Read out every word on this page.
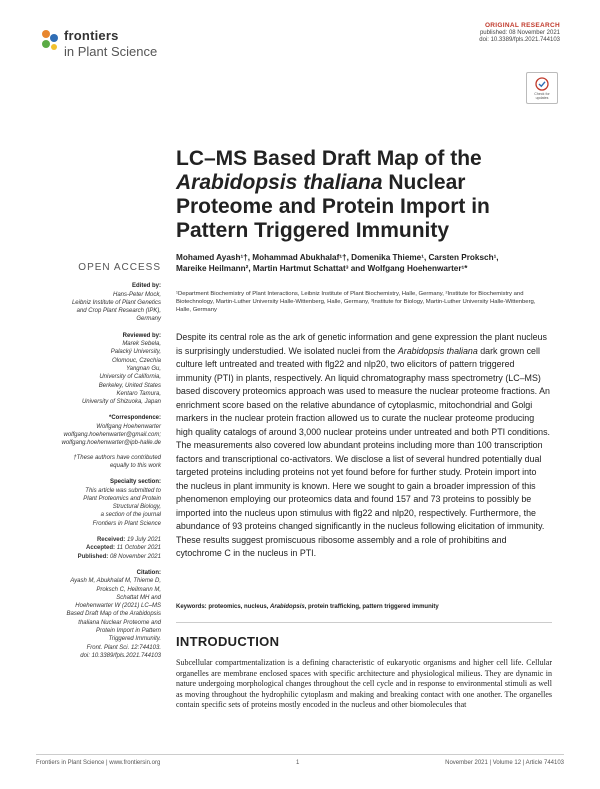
frontiers
in Plant Science
ORIGINAL RESEARCH
published: 08 November 2021
doi: 10.3389/fpls.2021.744103
Check for
updates
LC–MS Based Draft Map of the
Arabidopsis thaliana Nuclear
Proteome and Protein Import in
Pattern Triggered Immunity
OPEN ACCESS
Edited by:
Hans-Peter Mock,
Leibniz Institute of Plant Genetics
and Crop Plant Research (IPK),
Germany
Reviewed by:
Marek Sebela,
Palacký University,
Olomouc, Czechia
Yangnan Gu,
University of California,
Berkeley, United States
Kentaro Tamura,
University of Shizuoka, Japan
*Correspondence:
Wolfgang Hoehenwarter
wolfgang.hoehenwarter@gmail.com;
wolfgang.hoehenwarter@ipb-halle.de
†These authors have contributed
equally to this work
Specialty section:
This article was submitted to
Plant Proteomics and Protein
Structural Biology,
a section of the journal
Frontiers in Plant Science
Received: 19 July 2021
Accepted: 11 October 2021
Published: 08 November 2021
Citation:
Ayash M, Abukhalaf M, Thieme D,
Proksch C, Heilmann M,
Schattat MH and
Hoehenwarter W (2021) LC–MS
Based Draft Map of the Arabidopsis
thaliana Nuclear Proteome and
Protein Import in Pattern
Triggered Immunity.
Front. Plant Sci. 12:744103.
doi: 10.3389/fpls.2021.744103
Mohamed Ayash¹†, Mohammad Abukhalaf¹†, Domenika Thieme¹, Carsten Proksch¹,
Mareike Heilmann², Martin Hartmut Schattat³ and Wolfgang Hoehenwarter¹*
¹Department Biochemistry of Plant Interactions, Leibniz Institute of Plant Biochemistry, Halle, Germany, ²Institute for Biochemistry and Biotechnology, Martin-Luther University Halle-Wittenberg, Halle, Germany, ³Institute for Biology, Martin-Luther University Halle-Wittenberg, Halle, Germany
Despite its central role as the ark of genetic information and gene expression the plant nucleus is surprisingly understudied. We isolated nuclei from the Arabidopsis thaliana dark grown cell culture left untreated and treated with flg22 and nlp20, two elicitors of pattern triggered immunity (PTI) in plants, respectively. An liquid chromatography mass spectrometry (LC–MS) based discovery proteomics approach was used to measure the nuclear proteome fractions. An enrichment score based on the relative abundance of cytoplasmic, mitochondrial and Golgi markers in the nuclear protein fraction allowed us to curate the nuclear proteome producing high quality catalogs of around 3,000 nuclear proteins under untreated and both PTI conditions. The measurements also covered low abundant proteins including more than 100 transcription factors and transcriptional co-activators. We disclose a list of several hundred potentially dual targeted proteins including proteins not yet found before for further study. Protein import into the nucleus in plant immunity is known. Here we sought to gain a broader impression of this phenomenon employing our proteomics data and found 157 and 73 proteins to possibly be imported into the nucleus upon stimulus with flg22 and nlp20, respectively. Furthermore, the abundance of 93 proteins changed significantly in the nucleus following elicitation of immunity. These results suggest promiscuous ribosome assembly and a role of prohibitins and cytochrome C in the nucleus in PTI.
Keywords: proteomics, nucleus, Arabidopsis, protein trafficking, pattern triggered immunity
INTRODUCTION
Subcellular compartmentalization is a defining characteristic of eukaryotic organisms and higher cell life. Cellular organelles are membrane enclosed spaces with specific architecture and physiological milieus. They are dynamic in nature undergoing morphological changes throughout the cell cycle and in response to environmental stimuli as well as moving throughout the hydrophilic cytoplasm and making and breaking contact with one another. The organelles contain specific sets of proteins mostly encoded in the nucleus and other biomolecules that
Frontiers in Plant Science | www.frontiersin.org	1	November 2021 | Volume 12 | Article 744103
